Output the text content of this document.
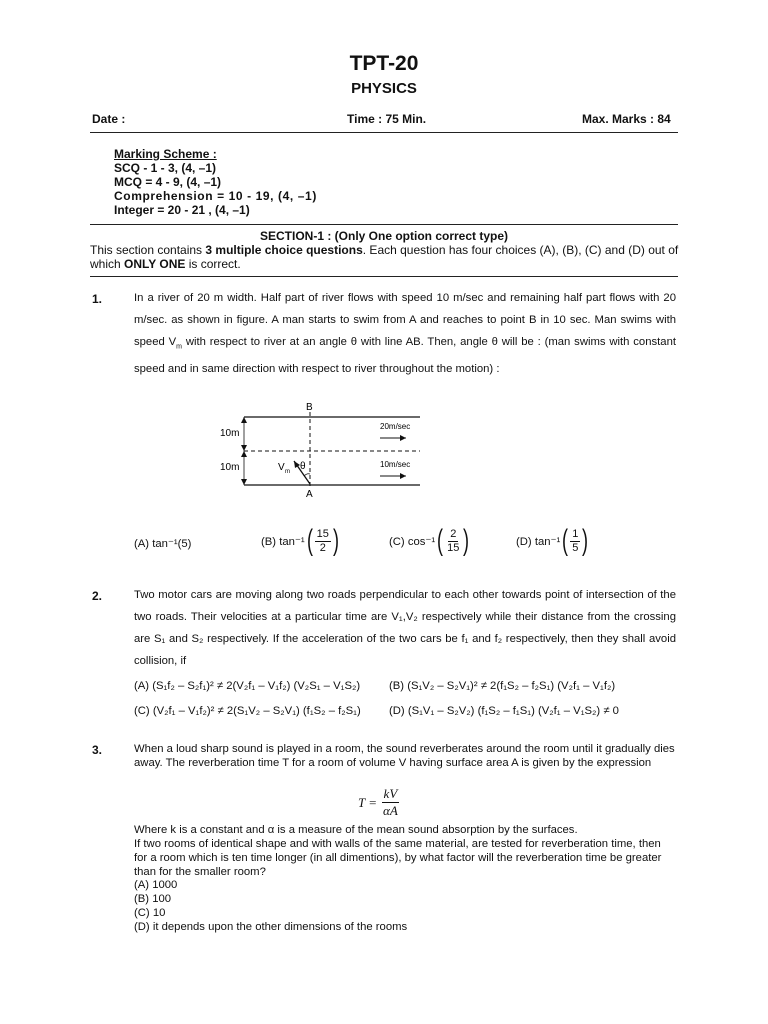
TPT-20
PHYSICS
Date :	Time : 75 Min.	Max. Marks : 84
Marking Scheme :
SCQ - 1 - 3, (4, –1)
MCQ = 4 - 9, (4, –1)
Comprehension = 10 - 19, (4, –1)
Integer = 20 - 21 , (4, –1)
SECTION-1 : (Only One option correct type)
This section contains 3 multiple choice questions. Each question has four choices (A), (B), (C) and (D) out of which ONLY ONE is correct.
1.	In a river of 20 m width. Half part of river flows with speed 10 m/sec and remaining half part flows with 20 m/sec. as shown in figure. A man starts to swim from A and reaches to point B in 10 sec. Man swims with speed $V_m$ with respect to river at an angle θ with line AB. Then, angle θ will be : (man swims with constant speed and in same direction with respect to river throughout the motion) :
B
A
10m
10m
20m/sec
10m/sec
V m θ
(A) tan⁻¹(5)	(B) tan⁻¹ ( $\frac{15}{2}$ )	(C) cos⁻¹ ( $\frac{2}{15}$ )	(D) tan⁻¹ ( $\frac{1}{5}$ )
2.	Two motor cars are moving along two roads perpendicular to each other towards point of intersection of the two roads. Their velocities at a particular time are V₁,V₂ respectively while their distance from the crossing are S₁ and S₂ respectively. If the acceleration of the two cars be f₁ and f₂ respectively, then they shall avoid collision, if
(A) (S₁f₂ – S₂f₁)² ≠ 2(V₂f₁ – V₁f₂) (V₂S₁ – V₁S₂)	(B) (S₁V₂ – S₂V₁)² ≠ 2(f₁S₂ – f₂S₁) (V₂f₁ – V₁f₂)
(C) (V₂f₁ – V₁f₂)² ≠ 2(S₁V₂ – S₂V₁) (f₁S₂ – f₂S₁)	(D) (S₁V₁ – S₂V₂) (f₁S₂ – f₁S₁) (V₂f₁ – V₁S₂) ≠ 0
3.	When a loud sharp sound is played in a room, the sound reverberates around the room until it gradually dies away. The reverberation time T for a room of volume V having surface area A is given by the expression
$T = \frac{kV}{\alpha A}$
Where k is a constant and α is a measure of the mean sound absorption by the surfaces.
If two rooms of identical shape and with walls of the same material, are tested for reverberation time, then for a room which is ten time longer (in all dimentions), by what factor will the reverberation time be greater than for the smaller room?
(A) 1000
(B) 100
(C) 10
(D) it depends upon the other dimensions of the rooms
